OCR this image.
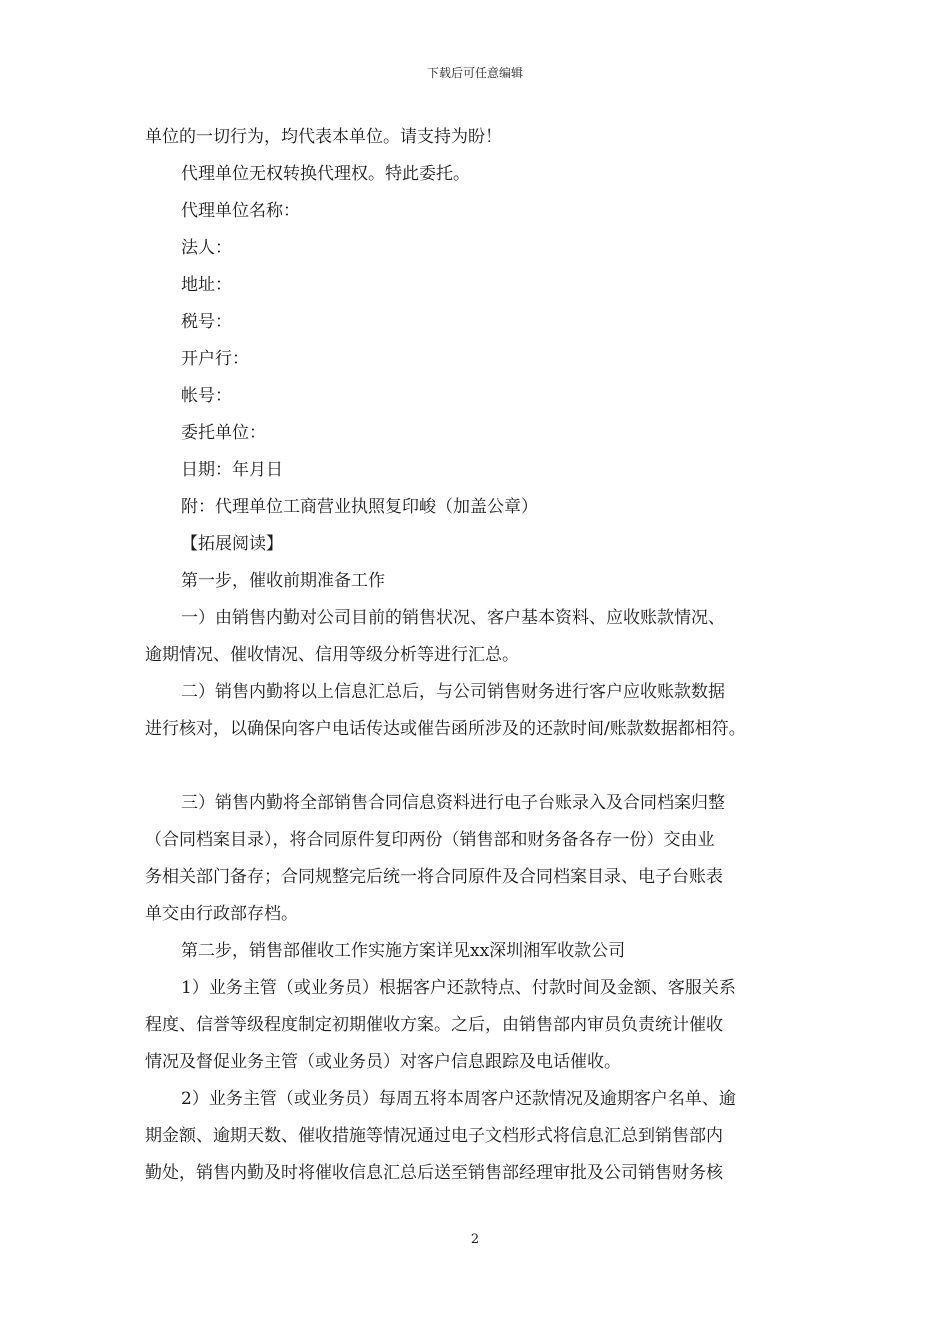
下载后可任意编辑

单位的一切行为，均代表本单位。请支持为盼！

代理单位无权转换代理权。特此委托。

代理单位名称：

法人：

地址：

税号：

开户行：

帐号：

委托单位：

日期：年月日

附：代理单位工商营业执照复印峻（加盖公章）

【拓展阅读】

第一步，催收前期准备工作

一）由销售内勤对公司目前的销售状况、客户基本资料、应收账款情况、

逾期情况、催收情况、信用等级分析等进行汇总。

二）销售内勤将以上信息汇总后，与公司销售财务进行客户应收账款数据

进行核对，以确保向客户电话传达或催告函所涉及的还款时间/账款数据都相符。

三）销售内勤将全部销售合同信息资料进行电子台账录入及合同档案归整

（合同档案目录），将合同原件复印两份（销售部和财务备各存一份）交由业

务相关部门备存；合同规整完后统一将合同原件及合同档案目录、电子台账表

单交由行政部存档。

第二步，销售部催收工作实施方案详见xx深圳湘军收款公司

1）业务主管（或业务员）根据客户还款特点、付款时间及金额、客服关系

程度、信誉等级程度制定初期催收方案。之后，由销售部内审员负责统计催收

情况及督促业务主管（或业务员）对客户信息跟踪及电话催收。

2）业务主管（或业务员）每周五将本周客户还款情况及逾期客户名单、逾

期金额、逾期天数、催收措施等情况通过电子文档形式将信息汇总到销售部内

勤处，销售内勤及时将催收信息汇总后送至销售部经理审批及公司销售财务核

2
